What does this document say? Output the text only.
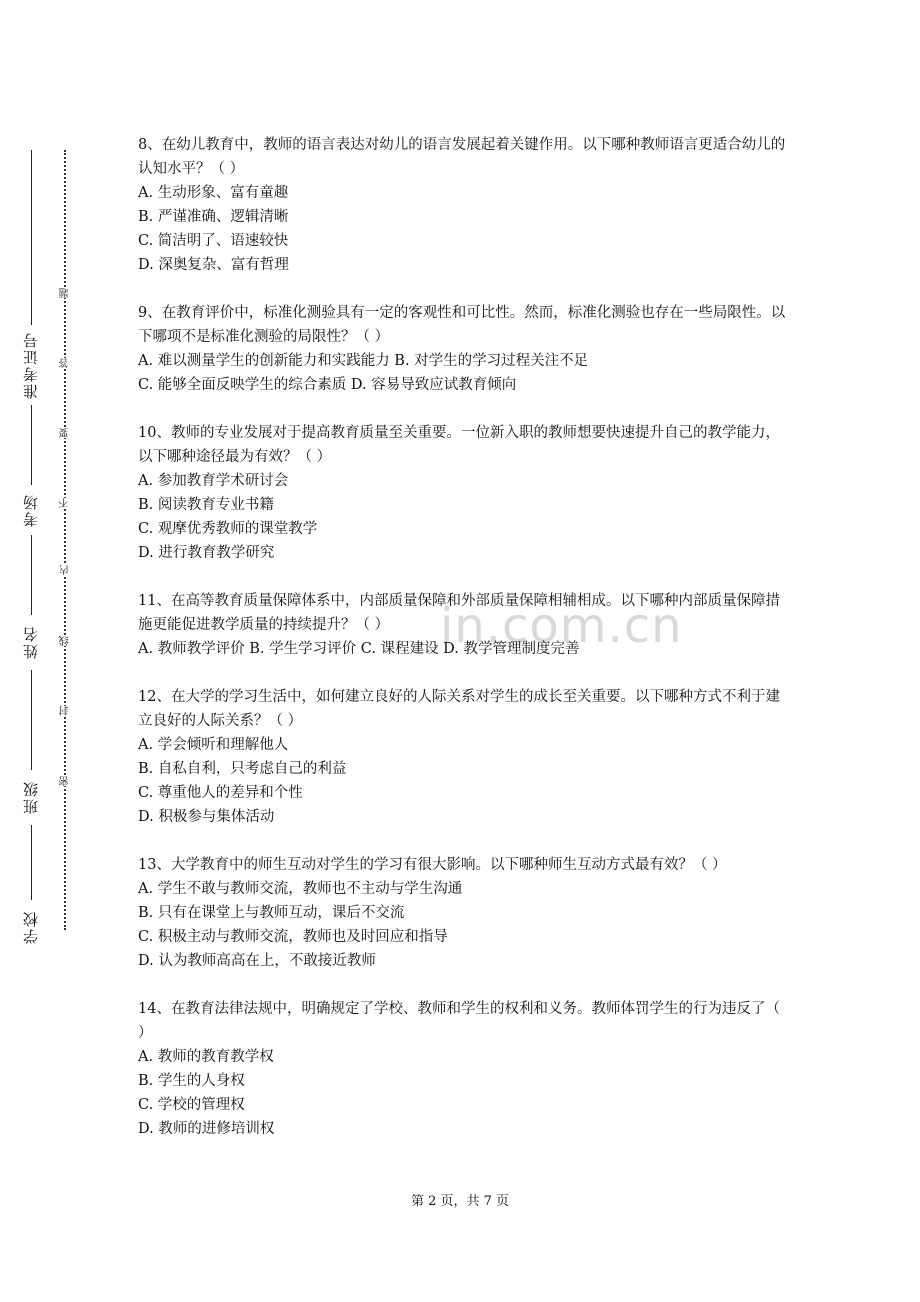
准考证号
考场
姓名
班级
学校
题
答
要
不
内
线
封
密
in.com.cn
8、在幼儿教育中，教师的语言表达对幼儿的语言发展起着关键作用。以下哪种教师语言更适合幼儿的认知水平？（ ）
A. 生动形象、富有童趣
B. 严谨准确、逻辑清晰
C. 简洁明了、语速较快
D. 深奥复杂、富有哲理
9、在教育评价中，标准化测验具有一定的客观性和可比性。然而，标准化测验也存在一些局限性。以下哪项不是标准化测验的局限性？（ ）
A. 难以测量学生的创新能力和实践能力 B. 对学生的学习过程关注不足
C. 能够全面反映学生的综合素质 D. 容易导致应试教育倾向
10、教师的专业发展对于提高教育质量至关重要。一位新入职的教师想要快速提升自己的教学能力，以下哪种途径最为有效？（ ）
A. 参加教育学术研讨会
B. 阅读教育专业书籍
C. 观摩优秀教师的课堂教学
D. 进行教育教学研究
11、在高等教育质量保障体系中，内部质量保障和外部质量保障相辅相成。以下哪种内部质量保障措施更能促进教学质量的持续提升？（ ）
A. 教师教学评价 B. 学生学习评价 C. 课程建设 D. 教学管理制度完善
12、在大学的学习生活中，如何建立良好的人际关系对学生的成长至关重要。以下哪种方式不利于建立良好的人际关系？（ ）
A. 学会倾听和理解他人
B. 自私自利，只考虑自己的利益
C. 尊重他人的差异和个性
D. 积极参与集体活动
13、大学教育中的师生互动对学生的学习有很大影响。以下哪种师生互动方式最有效？（ ）
A. 学生不敢与教师交流，教师也不主动与学生沟通
B. 只有在课堂上与教师互动，课后不交流
C. 积极主动与教师交流，教师也及时回应和指导
D. 认为教师高高在上，不敢接近教师
14、在教育法律法规中，明确规定了学校、教师和学生的权利和义务。教师体罚学生的行为违反了（ ）
A. 教师的教育教学权
B. 学生的人身权
C. 学校的管理权
D. 教师的进修培训权
第 2 页，共 7 页
